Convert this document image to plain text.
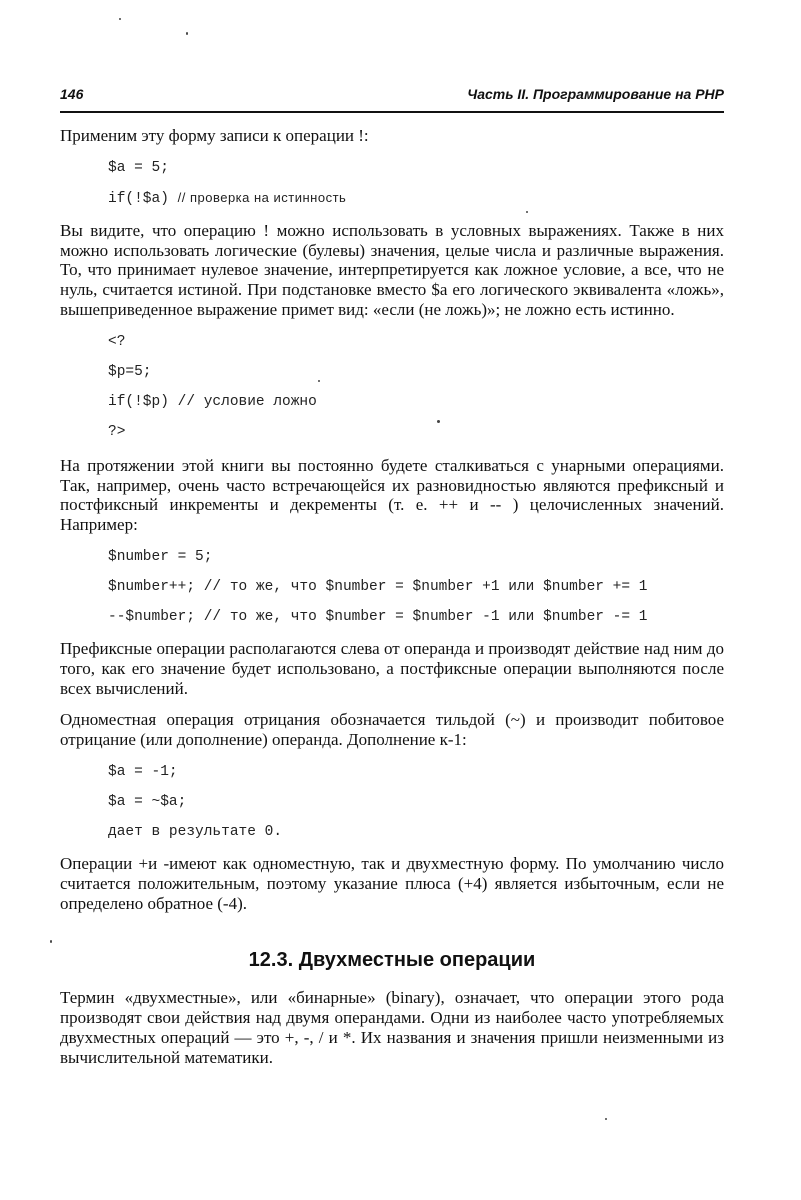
146	Часть II. Программирование на PHP

Применим эту форму записи к операции !:

$a = 5;

if(!$a) // проверка на истинность

Вы видите, что операцию ! можно использовать в условных выражениях. Также в них можно использовать логические (булевы) значения, целые числа и различные выражения. То, что принимает нулевое значение, интерпретируется как ложное условие, а все, что не нуль, считается истиной. При подстановке вместо $a его логического эквивалента «ложь», вышеприведенное выражение примет вид: «если (не ложь)»; не ложно есть истинно.

<?

$p=5;

if(!$p) // условие ложно

?>

На протяжении этой книги вы постоянно будете сталкиваться с унарными операциями. Так, например, очень часто встречающейся их разновидностью являются префиксный и постфиксный инкременты и декременты (т. е. ++ и -- ) целочисленных значений. Например:

$number = 5;

$number++; // то же, что $number = $number +1 или $number += 1

--$number; // то же, что $number = $number -1 или $number -= 1

Префиксные операции располагаются слева от операнда и производят действие над ним до того, как его значение будет использовано, а постфиксные операции выполняются после всех вычислений.

Одноместная операция отрицания обозначается тильдой (~) и производит побитовое отрицание (или дополнение) операнда. Дополнение к-1:

$a = -1;

$a = ~$a;

дает в результате 0.

Операции +и -имеют как одноместную, так и двухместную форму. По умолчанию число считается положительным, поэтому указание плюса (+4) является избыточным, если не определено обратное (-4).

12.3. Двухместные операции

Термин «двухместные», или «бинарные» (binary), означает, что операции этого рода производят свои действия над двумя операндами. Одни из наиболее часто употребляемых двухместных операций — это +, -, / и *. Их названия и значения пришли неизменными из вычислительной математики.
